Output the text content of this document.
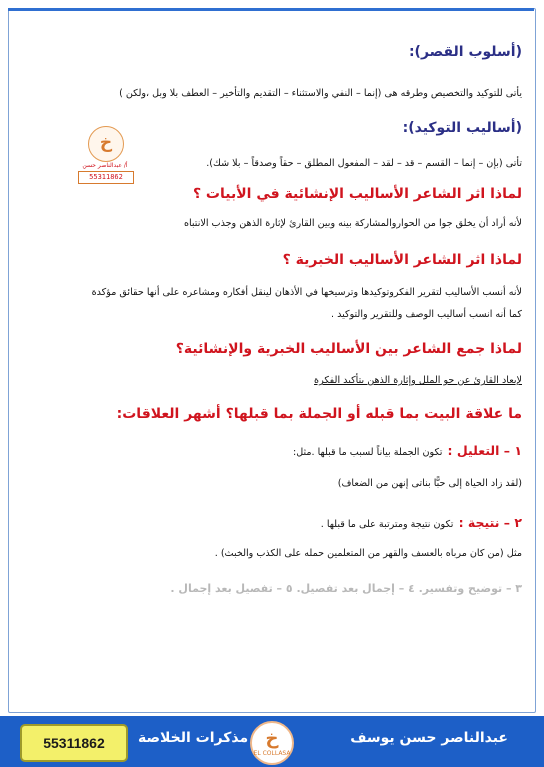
(أسلوب القصر):
يأتى للتوكيد والتخصيص وطرقه هى (إنما – النفي والاستثناء – التقديم والتأخير – العطف بلا وبل ،ولكن )
(أساليب التوكيد):
تأتى (بإن – إنما – القسم – قد – لقد – المفعول المطلق – حقاً وصدقاً – بلا شك).
خ
أ/ عبدالناصر حسن
55311862
لماذا اثر الشاعر الأساليب الإنشائية في الأبيات ؟
لأنه أراد أن يخلق جوا من الحواروالمشاركة بينه وبين القارئ لإثارة الذهن وجذب الانتباه
لماذا اثر الشاعر الأساليب الخبرية ؟
لأنه أنسب الأساليب لتقرير الفكروتوكيدها وترسيخها في الأذهان لينقل أفكاره ومشاعره على أنها حقائق مؤكدة
كما أنه انسب أساليب الوصف وللتقرير والتوكيد .
لماذا جمع الشاعر بين الأساليب الخبرية والإنشائية؟
لإبعاد القارئ عن جو الملل وإثارة الذهن بتأكيد الفكرة
ما علاقة البيت بما قبله أو الجملة بما قبلها؟ أشهر العلاقات:
١ – التعليل : تكون الجملة بياناً لسبب ما قبلها .مثل:
(لقد زاد الحياة إلى حبًّا بناتى إنهن من الضعاف)
٢ – نتيجة : تكون نتيجة ومترتبة على ما قبلها .
مثل (من كان مرباه بالعسف والقهر من المتعلمين حمله على الكذب والخبث) .
٣ – توضيح وتفسير. ٤ – إجمال بعد تفصيل. ٥ – تفصيل بعد إجمال .
عبدالناصر حسن يوسف
خ
EL COLLASA
مذكرات الخلاصة
55311862
